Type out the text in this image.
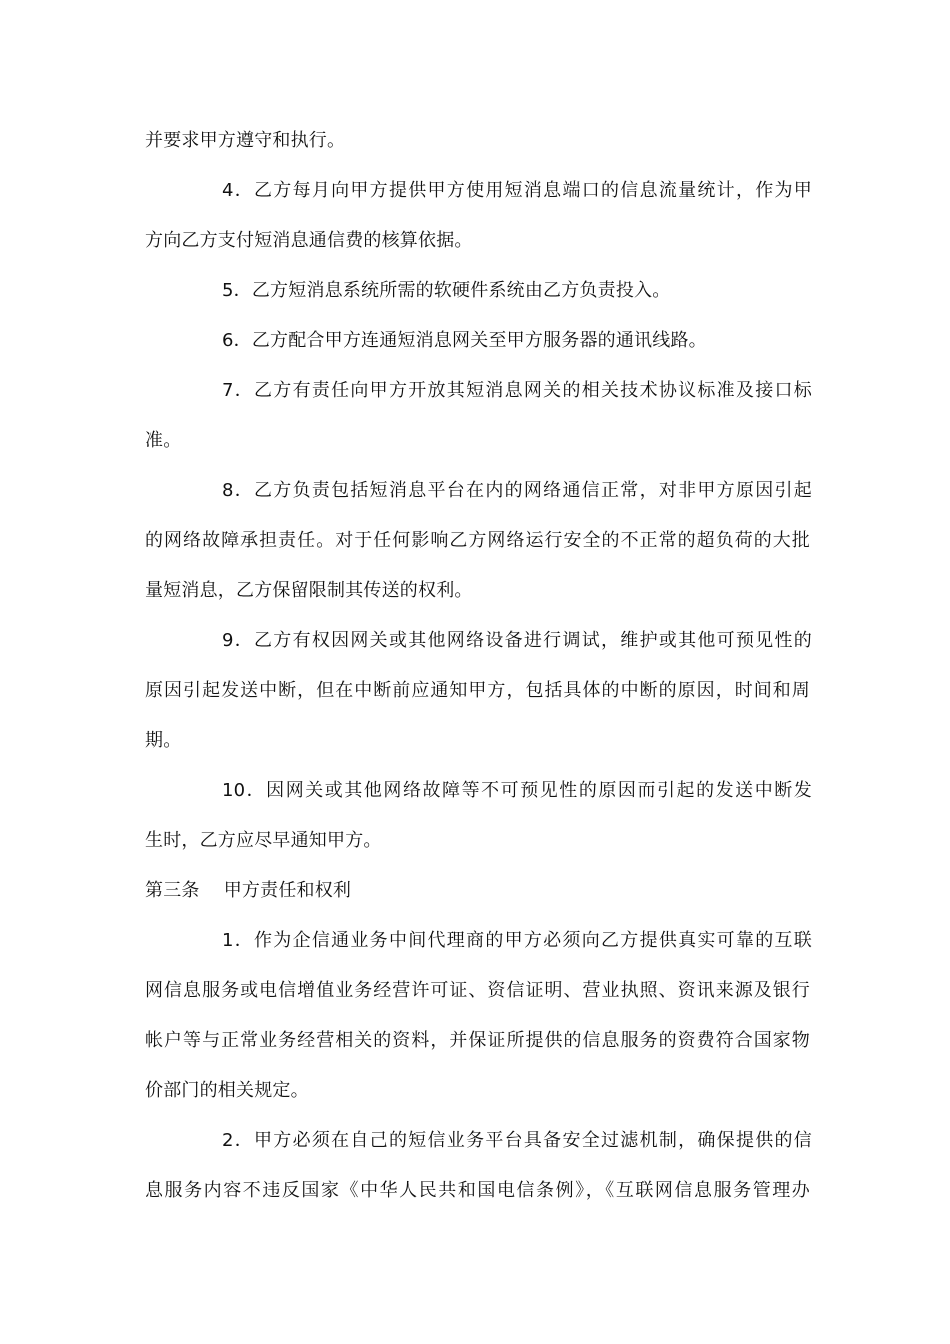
并要求甲方遵守和执行。
4．乙方每月向甲方提供甲方使用短消息端口的信息流量统计，作为甲
方向乙方支付短消息通信费的核算依据。
5．乙方短消息系统所需的软硬件系统由乙方负责投入。
6．乙方配合甲方连通短消息网关至甲方服务器的通讯线路。
7．乙方有责任向甲方开放其短消息网关的相关技术协议标准及接口标
准。
8．乙方负责包括短消息平台在内的网络通信正常，对非甲方原因引起
的网络故障承担责任。对于任何影响乙方网络运行安全的不正常的超负荷的大批
量短消息，乙方保留限制其传送的权利。
9．乙方有权因网关或其他网络设备进行调试，维护或其他可预见性的
原因引起发送中断，但在中断前应通知甲方，包括具体的中断的原因，时间和周
期。
10．因网关或其他网络故障等不可预见性的原因而引起的发送中断发
生时，乙方应尽早通知甲方。
第三条　 甲方责任和权利
1．作为企信通业务中间代理商的甲方必须向乙方提供真实可靠的互联
网信息服务或电信增值业务经营许可证、资信证明、营业执照、资讯来源及银行
帐户等与正常业务经营相关的资料，并保证所提供的信息服务的资费符合国家物
价部门的相关规定。
2．甲方必须在自己的短信业务平台具备安全过滤机制，确保提供的信
息服务内容不违反国家《中华人民共和国电信条例》，《互联网信息服务管理办
